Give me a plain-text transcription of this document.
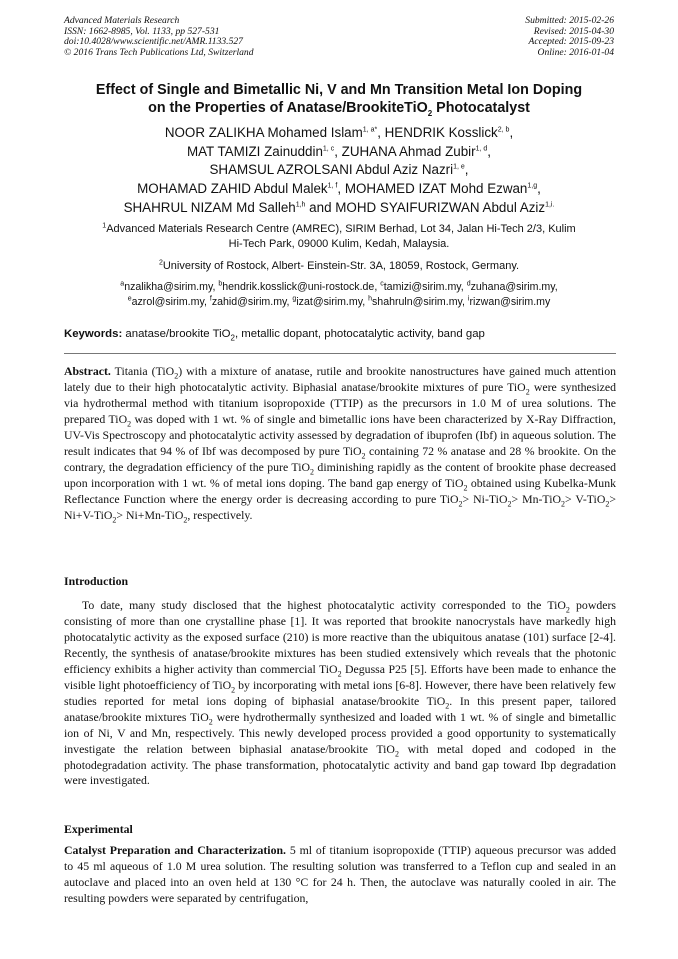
Advanced Materials Research
ISSN: 1662-8985, Vol. 1133, pp 527-531
doi:10.4028/www.scientific.net/AMR.1133.527
© 2016 Trans Tech Publications Ltd, Switzerland
Submitted: 2015-02-26
Revised: 2015-04-30
Accepted: 2015-09-23
Online: 2016-01-04
Effect of Single and Bimetallic Ni, V and Mn Transition Metal Ion Doping
on the Properties of Anatase/BrookiteTiO$_2$ Photocatalyst
NOOR ZALIKHA Mohamed Islam$^{1, a*}$, HENDRIK Kosslick$^{2, b}$,
MAT TAMIZI Zainuddin$^{1, c}$, ZUHANA Ahmad Zubir$^{1, d}$,
SHAMSUL AZROLSANI Abdul Aziz Nazri$^{1, e}$,
MOHAMAD ZAHID Abdul Malek$^{1, f}$, MOHAMED IZAT Mohd Ezwan$^{1,g}$,
SHAHRUL NIZAM Md Salleh$^{1,h}$ and MOHD SYAIFURIZWAN Abdul Aziz$^{1,i.}$
$^1$Advanced Materials Research Centre (AMREC), SIRIM Berhad, Lot 34, Jalan Hi-Tech 2/3, Kulim
Hi-Tech Park, 09000 Kulim, Kedah, Malaysia.
$^2$University of Rostock, Albert- Einstein-Str. 3A, 18059, Rostock, Germany.
$^a$nzalikha@sirim.my, $^b$hendrik.kosslick@uni-rostock.de, $^c$tamizi@sirim.my, $^d$zuhana@sirim.my,
$^e$azrol@sirim.my, $^f$zahid@sirim.my, $^g$izat@sirim.my, $^h$shahruln@sirim.my, $^i$rizwan@sirim.my
Keywords: anatase/brookite TiO$_2$, metallic dopant, photocatalytic activity, band gap
Abstract. Titania (TiO$_2$) with a mixture of anatase, rutile and brookite nanostructures have gained much attention lately due to their high photocatalytic activity. Biphasial anatase/brookite mixtures of pure TiO$_2$ were synthesized via hydrothermal method with titanium isopropoxide (TTIP) as the precursors in 1.0 M of urea solutions. The prepared TiO$_2$ was doped with 1 wt. % of single and bimetallic ions have been characterized by X-Ray Diffraction, UV-Vis Spectroscopy and photocatalytic activity assessed by degradation of ibuprofen (Ibf) in aqueous solution. The result indicates that 94 % of Ibf was decomposed by pure TiO$_2$ containing 72 % anatase and 28 % brookite. On the contrary, the degradation efficiency of the pure TiO$_2$ diminishing rapidly as the content of brookite phase decreased upon incorporation with 1 wt. % of metal ions doping. The band gap energy of TiO$_2$ obtained using Kubelka-Munk Reflectance Function where the energy order is decreasing according to pure TiO$_2$> Ni-TiO$_2$> Mn-TiO$_2$> V-TiO$_2$> Ni+V-TiO$_2$> Ni+Mn-TiO$_2$, respectively.
Introduction
To date, many study disclosed that the highest photocatalytic activity corresponded to the TiO$_2$ powders consisting of more than one crystalline phase [1]. It was reported that brookite nanocrystals have markedly high photocatalytic activity as the exposed surface (210) is more reactive than the ubiquitous anatase (101) surface [2-4]. Recently, the synthesis of anatase/brookite mixtures has been studied extensively which reveals that the photonic efficiency exhibits a higher activity than commercial TiO$_2$ Degussa P25 [5]. Efforts have been made to enhance the visible light photoefficiency of TiO$_2$ by incorporating with metal ions [6-8]. However, there have been relatively few studies reported for metal ions doping of biphasial anatase/brookite TiO$_2$. In this present paper, tailored anatase/brookite mixtures TiO$_2$ were hydrothermally synthesized and loaded with 1 wt. % of single and bimetallic ion of Ni, V and Mn, respectively. This newly developed process provided a good opportunity to systematically investigate the relation between biphasial anatase/brookite TiO$_2$ with metal doped and codoped in the photodegradation activity. The phase transformation, photocatalytic activity and band gap toward Ibp degradation were investigated.
Experimental
Catalyst Preparation and Characterization. 5 ml of titanium isopropoxide (TTIP) aqueous precursor was added to 45 ml aqueous of 1.0 M urea solution. The resulting solution was transferred to a Teflon cup and sealed in an autoclave and placed into an oven held at 130 °C for 24 h. Then, the autoclave was naturally cooled in air. The resulting powders were separated by centrifugation,
